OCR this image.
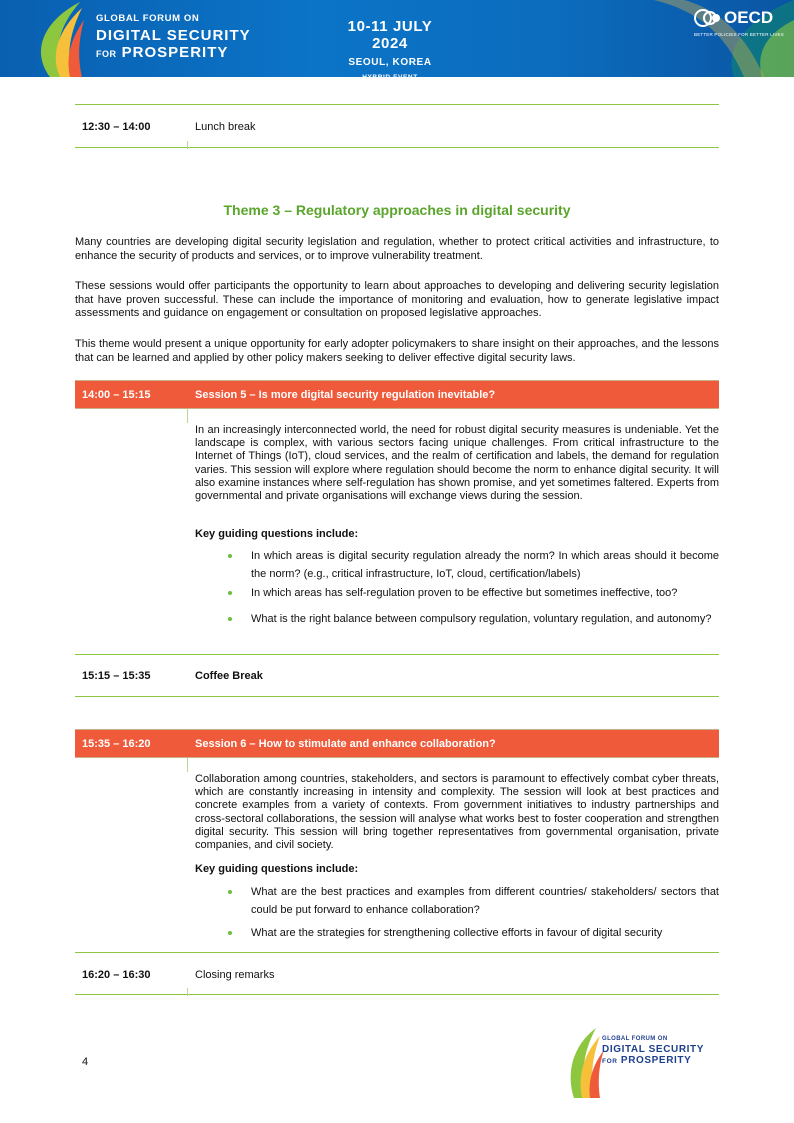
GLOBAL FORUM ON
DIGITAL SECURITY
FOR PROSPERITY
10-11 JULY 2024
SEOUL, KOREA
HYBRID EVENT
OECD
BETTER POLICIES FOR BETTER LIVES
12:30 – 14:00	Lunch break
Theme 3 – Regulatory approaches in digital security
Many countries are developing digital security legislation and regulation, whether to protect critical activities and infrastructure, to enhance the security of products and services, or to improve vulnerability treatment.
These sessions would offer participants the opportunity to learn about approaches to developing and delivering security legislation that have proven successful. These can include the importance of monitoring and evaluation, how to generate legislative impact assessments and guidance on engagement or consultation on proposed legislative approaches.
This theme would present a unique opportunity for early adopter policymakers to share insight on their approaches, and the lessons that can be learned and applied by other policy makers seeking to deliver effective digital security laws.
14:00 – 15:15	Session 5 – Is more digital security regulation inevitable?
In an increasingly interconnected world, the need for robust digital security measures is undeniable. Yet the landscape is complex, with various sectors facing unique challenges. From critical infrastructure to the Internet of Things (IoT), cloud services, and the realm of certification and labels, the demand for regulation varies. This session will explore where regulation should become the norm to enhance digital security. It will also examine instances where self-regulation has shown promise, and yet sometimes faltered. Experts from governmental and private organisations will exchange views during the session.
Key guiding questions include:
In which areas is digital security regulation already the norm? In which areas should it become the norm? (e.g., critical infrastructure, IoT, cloud, certification/labels)
In which areas has self-regulation proven to be effective but sometimes ineffective, too?
What is the right balance between compulsory regulation, voluntary regulation, and autonomy?
15:15 – 15:35	Coffee Break
15:35 – 16:20	Session 6 – How to stimulate and enhance collaboration?
Collaboration among countries, stakeholders, and sectors is paramount to effectively combat cyber threats, which are constantly increasing in intensity and complexity. The session will look at best practices and concrete examples from a variety of contexts. From government initiatives to industry partnerships and cross-sectoral collaborations, the session will analyse what works best to foster cooperation and strengthen digital security. This session will bring together representatives from governmental organisation, private companies, and civil society.
Key guiding questions include:
What are the best practices and examples from different countries/ stakeholders/ sectors that could be put forward to enhance collaboration?
What are the strategies for strengthening collective efforts in favour of digital security
16:20 – 16:30	Closing remarks
4
GLOBAL FORUM ON
DIGITAL SECURITY
FOR PROSPERITY
